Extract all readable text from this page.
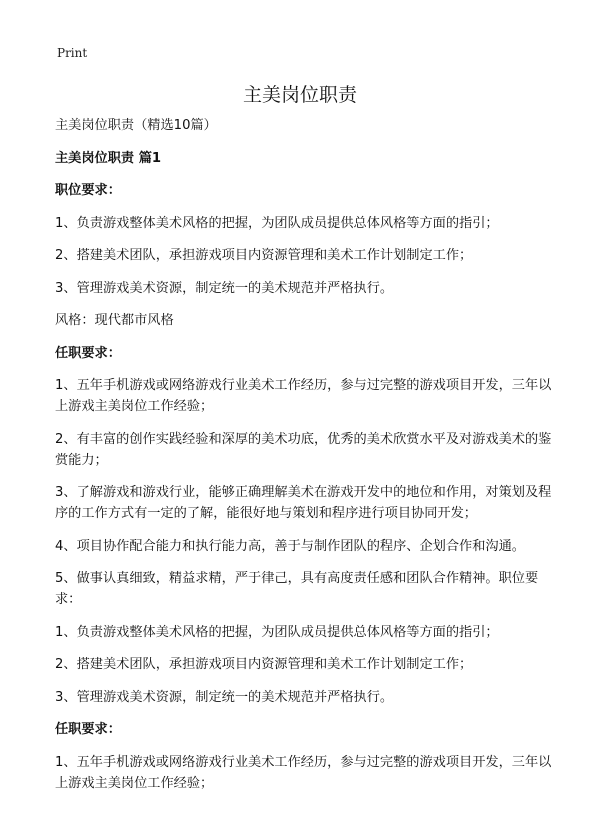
Print
主美岗位职责

主美岗位职责（精选10篇）

主美岗位职责 篇1

职位要求：

1、负责游戏整体美术风格的把握，为团队成员提供总体风格等方面的指引；

2、搭建美术团队，承担游戏项目内资源管理和美术工作计划制定工作；

3、管理游戏美术资源，制定统一的美术规范并严格执行。

风格：现代都市风格

任职要求：

1、五年手机游戏或网络游戏行业美术工作经历，参与过完整的游戏项目开发，三年以上游戏主美岗位工作经验；

2、有丰富的创作实践经验和深厚的美术功底，优秀的美术欣赏水平及对游戏美术的鉴赏能力；

3、了解游戏和游戏行业，能够正确理解美术在游戏开发中的地位和作用，对策划及程序的工作方式有一定的了解，能很好地与策划和程序进行项目协同开发；

4、项目协作配合能力和执行能力高，善于与制作团队的程序、企划合作和沟通。

5、做事认真细致，精益求精，严于律己，具有高度责任感和团队合作精神。职位要求：

1、负责游戏整体美术风格的把握，为团队成员提供总体风格等方面的指引；

2、搭建美术团队，承担游戏项目内资源管理和美术工作计划制定工作；

3、管理游戏美术资源，制定统一的美术规范并严格执行。

任职要求：

1、五年手机游戏或网络游戏行业美术工作经历，参与过完整的游戏项目开发，三年以上游戏主美岗位工作经验；
